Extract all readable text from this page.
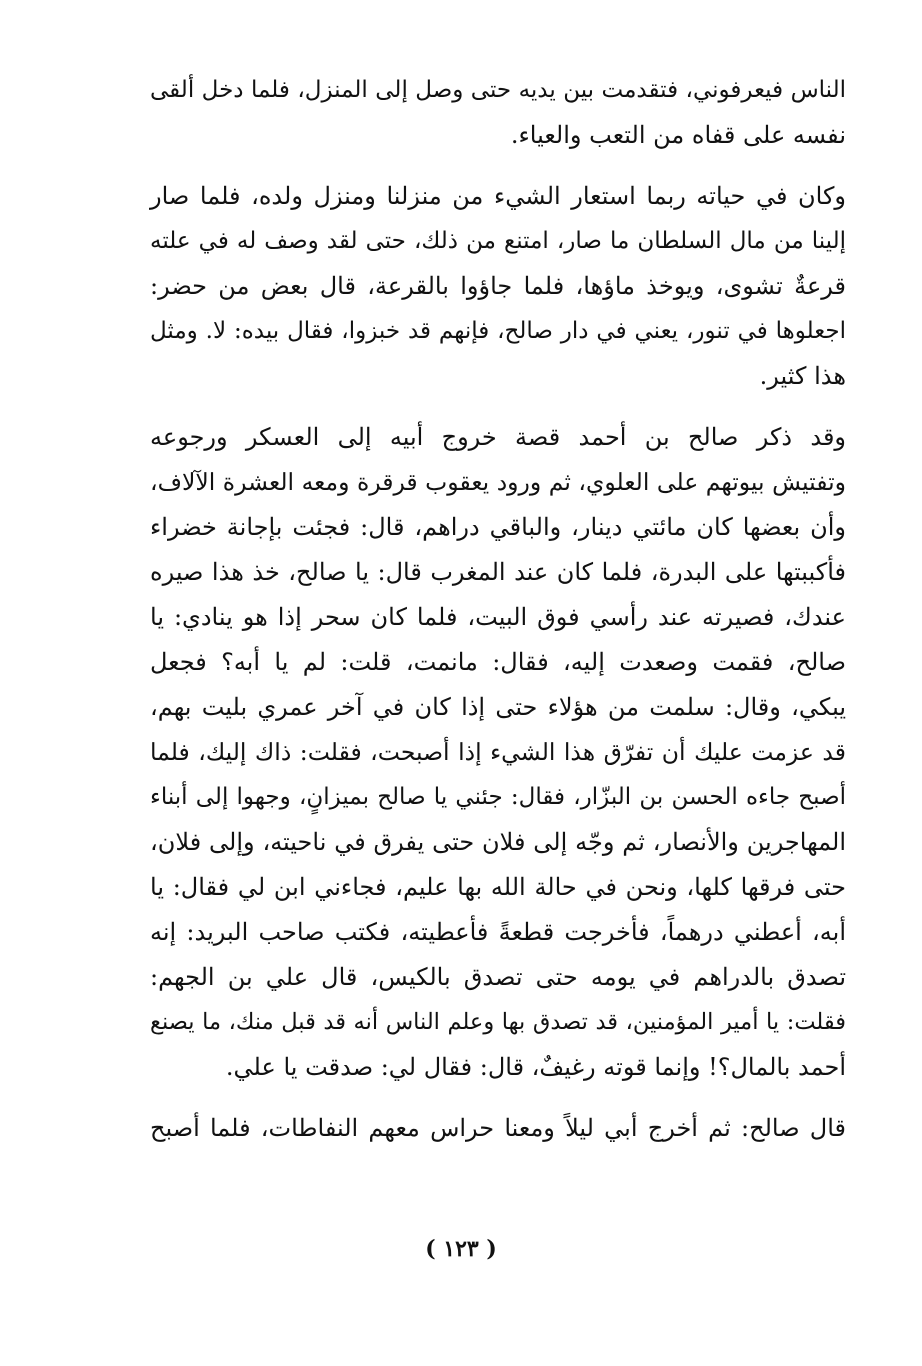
الناس فيعرفوني، فتقدمت بين يديه حتى وصل إلى المنزل، فلما دخل ألقى
نفسه على قفاه من التعب والعياء.
وكان في حياته ربما استعار الشيء من منزلنا ومنزل ولده، فلما صار
إلينا من مال السلطان ما صار، امتنع من ذلك، حتى لقد وصف له في علته
قرعةٌ تشوى، ويوخذ ماؤها، فلما جاؤوا بالقرعة، قال بعض من حضر:
اجعلوها في تنور، يعني في دار صالح، فإنهم قد خبزوا، فقال بيده: لا. ومثل
هذا كثير.
وقد ذكر صالح بن أحمد قصة خروج أبيه إلى العسكر ورجوعه
وتفتيش بيوتهم على العلوي، ثم ورود يعقوب قرقرة ومعه العشرة الآلاف،
وأن بعضها كان مائتي دينار، والباقي دراهم، قال: فجئت بإجانة خضراء
فأكببتها على البدرة، فلما كان عند المغرب قال: يا صالح، خذ هذا صيره
عندك، فصيرته عند رأسي فوق البيت، فلما كان سحر إذا هو ينادي: يا
صالح، فقمت وصعدت إليه، فقال: مانمت، قلت: لم يا أبه؟ فجعل
يبكي، وقال: سلمت من هؤلاء حتى إذا كان في آخر عمري بليت بهم،
قد عزمت عليك أن تفرّق هذا الشيء إذا أصبحت، فقلت: ذاك إليك، فلما
أصبح جاءه الحسن بن البزّار، فقال: جئني يا صالح بميزانٍ، وجهوا إلى أبناء
المهاجرين والأنصار، ثم وجّه إلى فلان حتى يفرق في ناحيته، وإلى فلان،
حتى فرقها كلها، ونحن في حالة الله بها عليم، فجاءني ابن لي فقال: يا
أبه، أعطني درهماً، فأخرجت قطعةً فأعطيته، فكتب صاحب البريد: إنه
تصدق بالدراهم في يومه حتى تصدق بالكيس، قال علي بن الجهم:
فقلت: يا أمير المؤمنين، قد تصدق بها وعلم الناس أنه قد قبل منك، ما يصنع
أحمد بالمال؟! وإنما قوته رغيفٌ، قال: فقال لي: صدقت يا علي.
قال صالح: ثم أخرج أبي ليلاً ومعنا حراس معهم النفاطات، فلما أصبح
( ١٢٣ )
